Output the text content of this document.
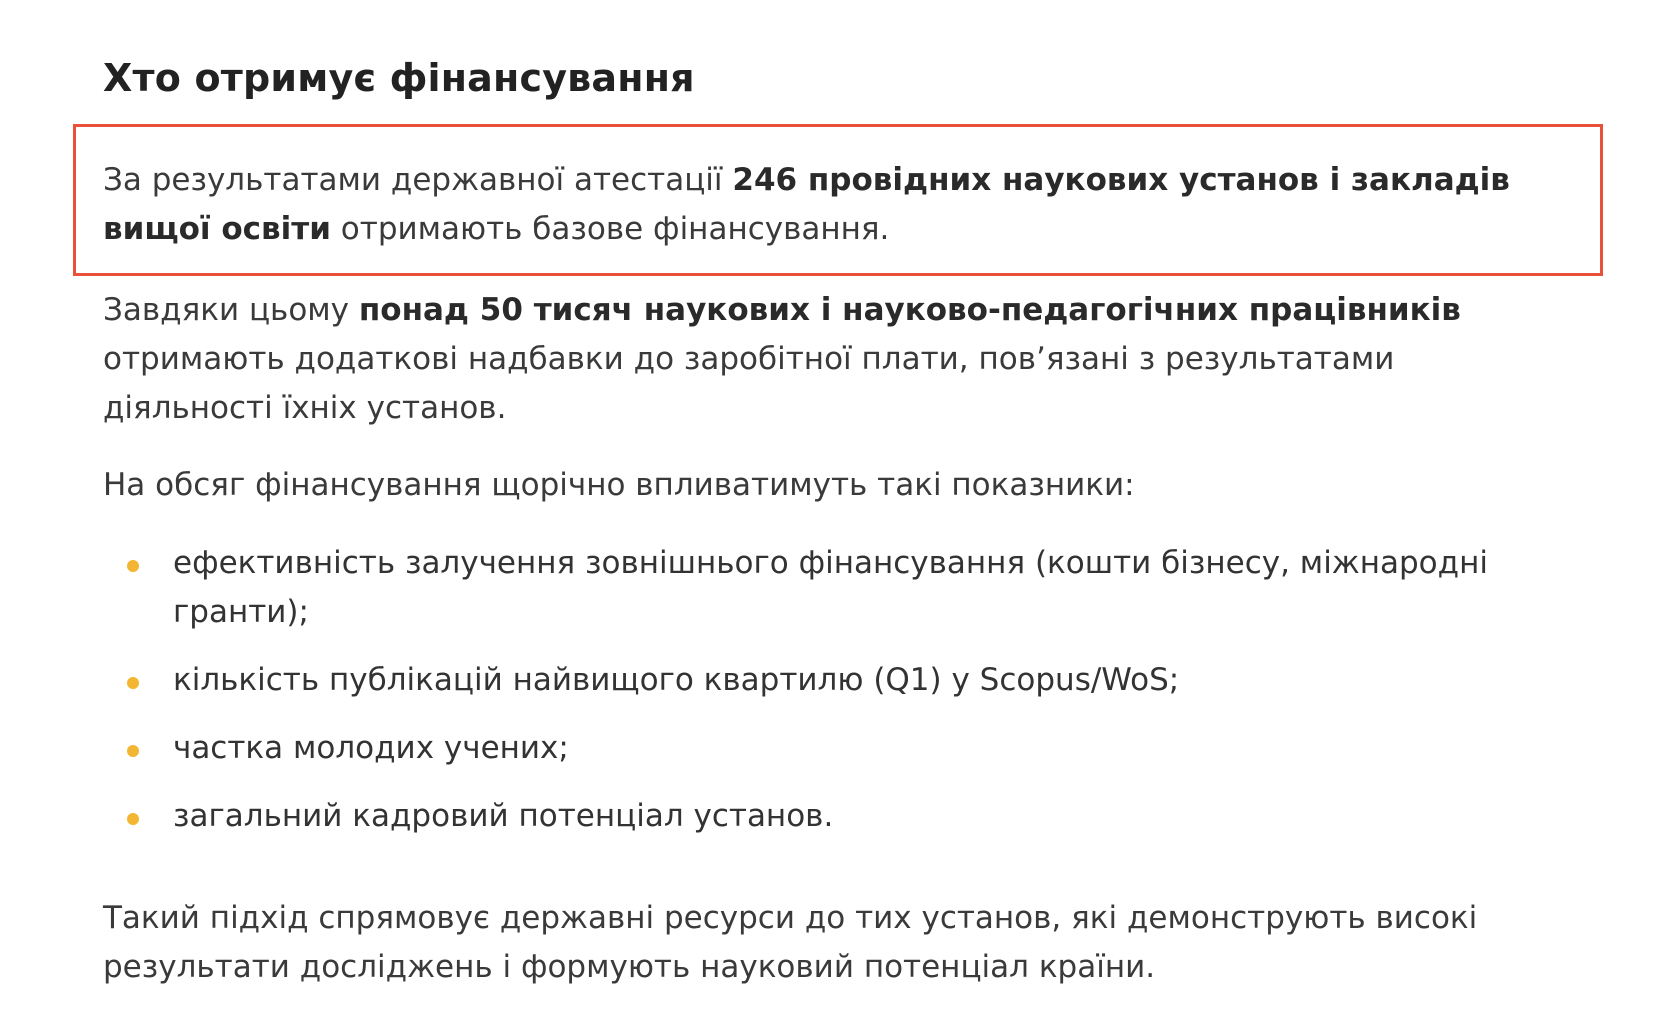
Хто отримує фінансування

За результатами державної атестації 246 провідних наукових установ і закладів вищої освіти отримають базове фінансування.

Завдяки цьому понад 50 тисяч наукових і науково-педагогічних працівників отримають додаткові надбавки до заробітної плати, пов’язані з результатами діяльності їхніх установ.

На обсяг фінансування щорічно впливатимуть такі показники:

ефективність залучення зовнішнього фінансування (кошти бізнесу, міжнародні гранти);
кількість публікацій найвищого квартилю (Q1) у Scopus/WoS;
частка молодих учених;
загальний кадровий потенціал установ.

Такий підхід спрямовує державні ресурси до тих установ, які демонструють високі результати досліджень і формують науковий потенціал країни.
